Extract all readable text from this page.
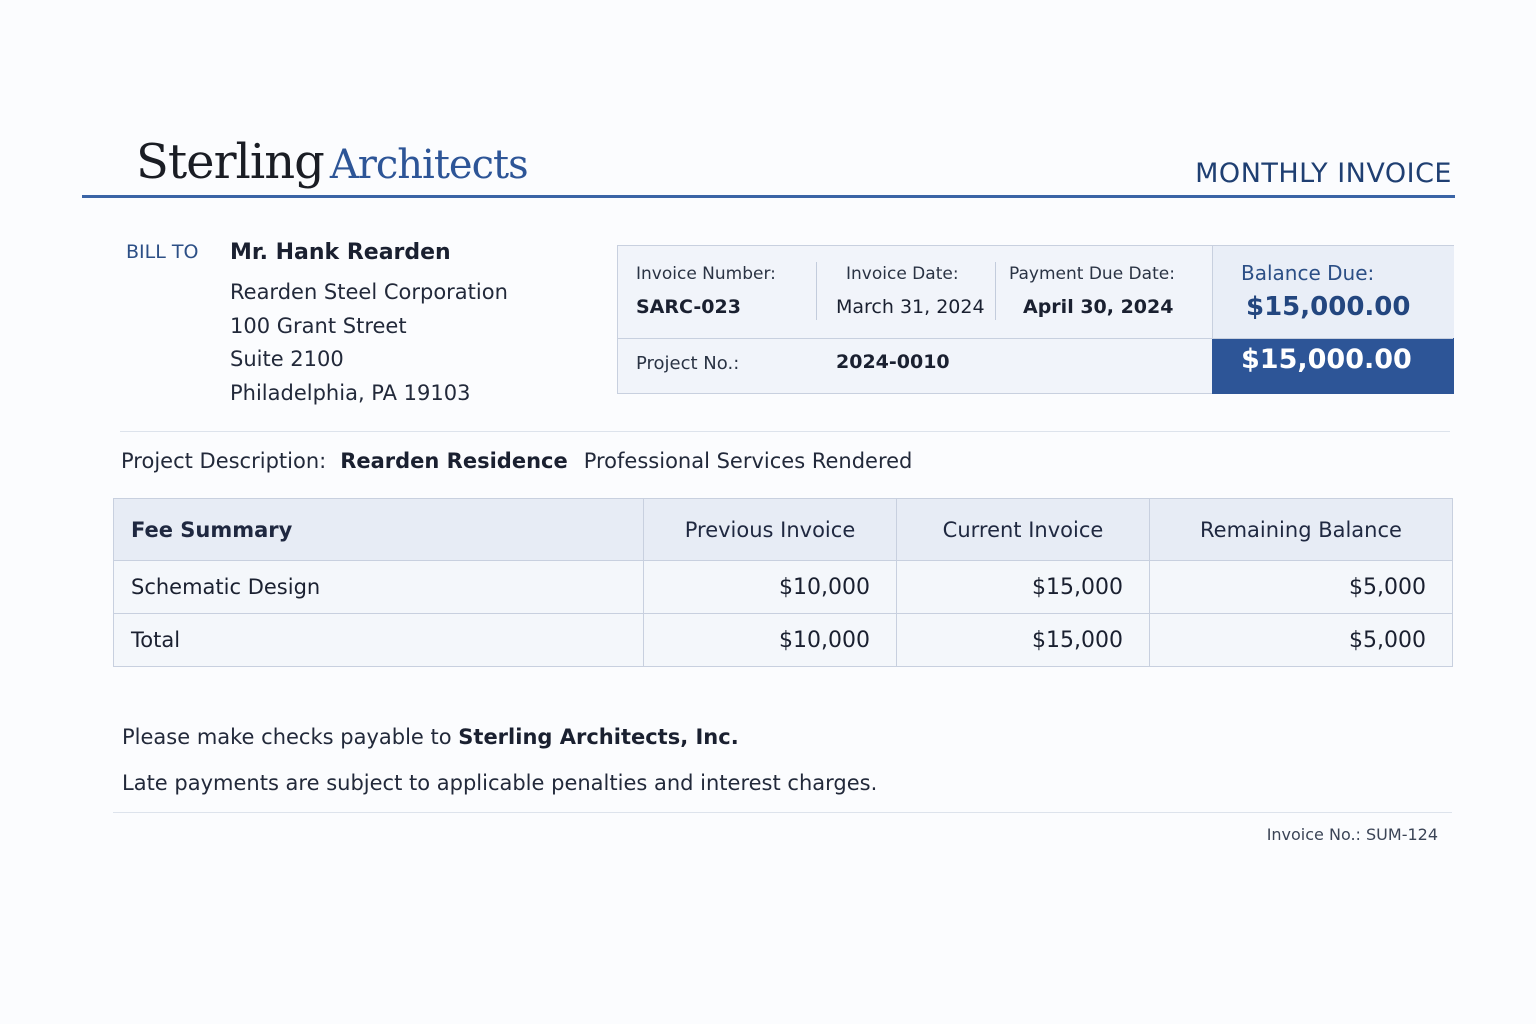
Sterling Architects	MONTHLY INVOICE
BILL TO Mr. Hank Rearden
Rearden Steel Corporation
100 Grant Street
Suite 2100
Philadelphia, PA 19103
Invoice Number:
SARC-023
Invoice Date:
March 31, 2024
Payment Due Date:
April 30, 2024
Balance Due:
$15,000.00
Project No.:	2024-0010	$15,000.00
Project Description: Rearden Residence Professional Services Rendered
Fee Summary	Previous Invoice	Current Invoice	Remaining Balance
Schematic Design	$10,000	$15,000	$5,000
Total	$10,000	$15,000	$5,000
Please make checks payable to Sterling Architects, Inc.
Late payments are subject to applicable penalties and interest charges.
Invoice No.: SUM-124
